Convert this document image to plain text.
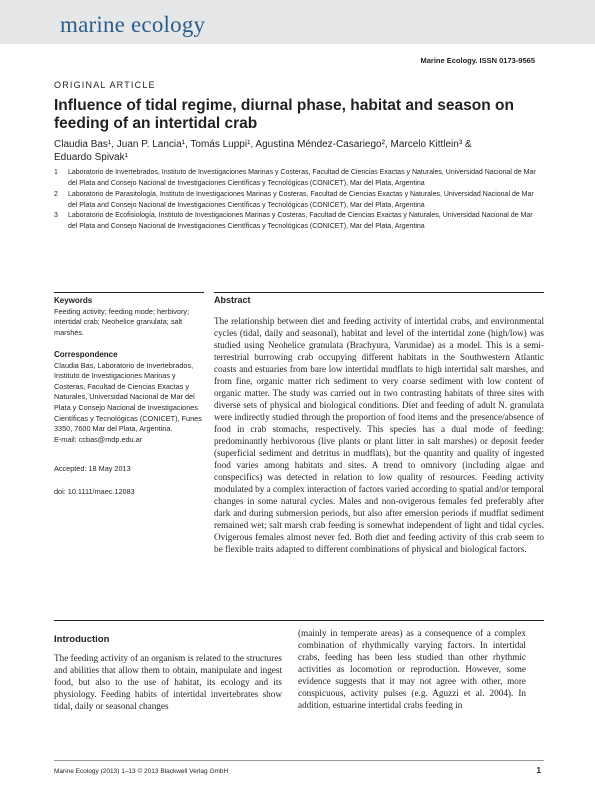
marine ecology
Marine Ecology. ISSN 0173-9565
ORIGINAL ARTICLE
Influence of tidal regime, diurnal phase, habitat and season on feeding of an intertidal crab
Claudia Bas¹, Juan P. Lancia¹, Tomás Luppi¹, Agustina Méndez-Casariego², Marcelo Kittlein³ &
Eduardo Spivak¹
1 Laboratorio de Invertebrados, Instituto de Investigaciones Marinas y Costeras, Facultad de Ciencias Exactas y Naturales, Universidad Nacional de Mar del Plata and Consejo Nacional de Investigaciones Científicas y Tecnológicas (CONICET), Mar del Plata, Argentina
2 Laboratorio de Parasitología, Instituto de Investigaciones Marinas y Costeras, Facultad de Ciencias Exactas y Naturales, Universidad Nacional de Mar del Plata and Consejo Nacional de Investigaciones Científicas y Tecnológicas (CONICET), Mar del Plata, Argentina
3 Laboratorio de Ecofisiología, Instituto de Investigaciones Marinas y Costeras, Facultad de Ciencias Exactas y Naturales, Universidad Nacional de Mar del Plata and Consejo Nacional de Investigaciones Científicas y Tecnológicas (CONICET), Mar del Plata, Argentina
Keywords
Feeding activity; feeding mode; herbivory; intertidal crab; Neohelice granulata; salt marshes.
Correspondence
Claudia Bas, Laboratorio de Invertebrados, Instituto de Investigaciones Marinas y Costeras, Facultad de Ciencias Exactas y Naturales, Universidad Nacional de Mar del Plata y Consejo Nacional de Investigaciones Científicas y Tecnológicas (CONICET), Funes 3350, 7600 Mar del Plata, Argentina.
E-mail: ccbas@mdp.edu.ar
Accepted: 18 May 2013
doi: 10.1111/maec.12083
Abstract
The relationship between diet and feeding activity of intertidal crabs, and environmental cycles (tidal, daily and seasonal), habitat and level of the intertidal zone (high/low) was studied using Neohelice granulata (Brachyura, Varunidae) as a model. This is a semi-terrestrial burrowing crab occupying different habitats in the Southwestern Atlantic coasts and estuaries from bare low intertidal mudflats to high intertidal salt marshes, and from fine, organic matter rich sediment to very coarse sediment with low content of organic matter. The study was carried out in two contrasting habitats of three sites with diverse sets of physical and biological conditions. Diet and feeding of adult N. granulata were indirectly studied through the proportion of food items and the presence/absence of food in crab stomachs, respectively. This species has a dual mode of feeding: predominantly herbivorous (live plants or plant litter in salt marshes) or deposit feeder (superficial sediment and detritus in mudflats), but the quantity and quality of ingested food varies among habitats and sites. A trend to omnivory (including algae and conspecifics) was detected in relation to low quality of resources. Feeding activity modulated by a complex interaction of factors varied according to spatial and/or temporal changes in some natural cycles. Males and non-ovigerous females fed preferably after dark and during submersion periods, but also after emersion periods if mudflat sediment remained wet; salt marsh crab feeding is somewhat independent of light and tidal cycles. Ovigerous females almost never fed. Both diet and feeding activity of this crab seem to be flexible traits adapted to different combinations of physical and biological factors.
Introduction
The feeding activity of an organism is related to the structures and abilities that allow them to obtain, manipulate and ingest food, but also to the use of habitat, its ecology and its physiology. Feeding habits of intertidal invertebrates show tidal, daily or seasonal changes
(mainly in temperate areas) as a consequence of a complex combination of rhythmically varying factors. In intertidal crabs, feeding has been less studied than other rhythmic activities as locomotion or reproduction. However, some evidence suggests that it may not agree with other, more conspicuous, activity pulses (e.g. Aguzzi et al. 2004). In addition, estuarine intertidal crabs feeding in
Marine Ecology (2013) 1–13 © 2013 Blackwell Verlag GmbH	1
